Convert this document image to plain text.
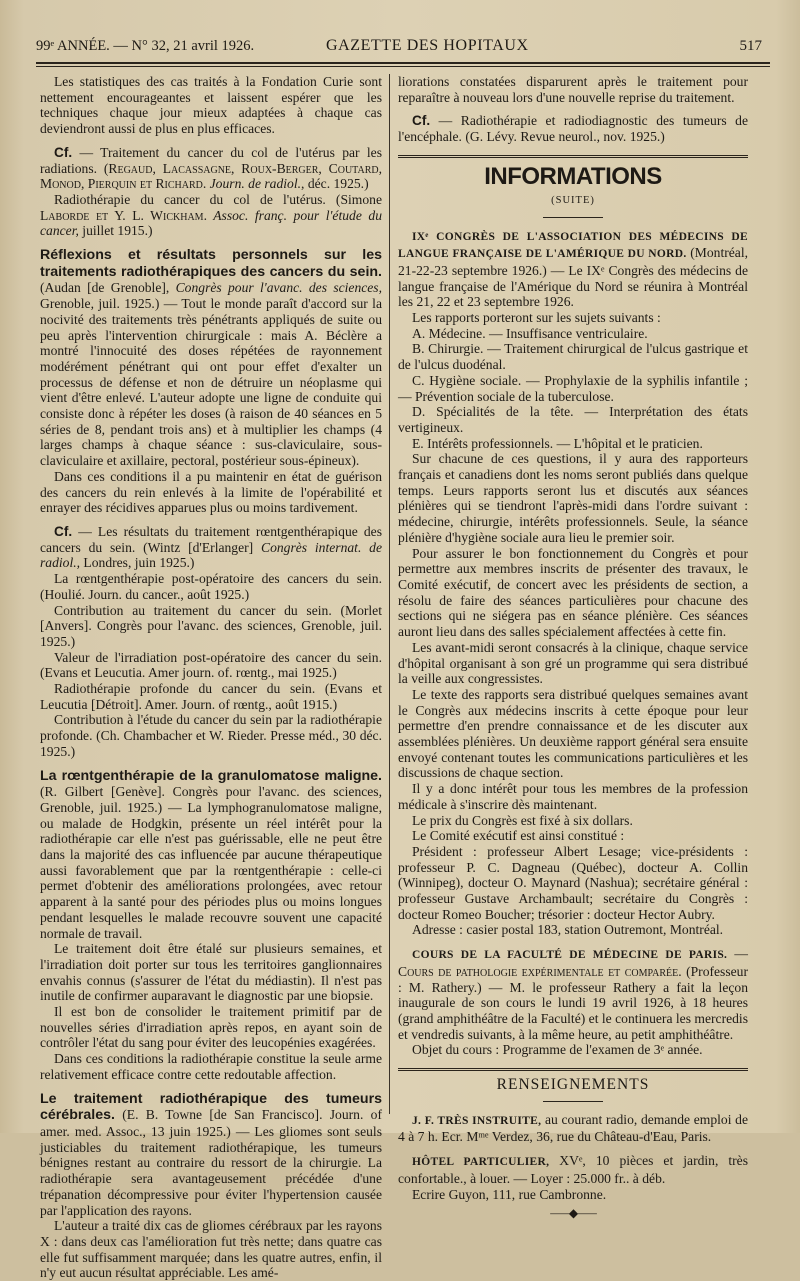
99ᵉ ANNÉE. — N° 32, 21 avril 1926.	GAZETTE DES HOPITAUX	517

Les statistiques des cas traités à la Fondation Curie sont nettement encourageantes et laissent espérer que les techniques chaque jour mieux adaptées à chaque cas deviendront aussi de plus en plus efficaces.

Cf. — Traitement du cancer du col de l'utérus par les radiations. (Regaud, Lacassagne, Roux-Berger, Coutard, Monod, Pierquin et Richard. Journ. de radiol., déc. 1925.)

Radiothérapie du cancer du col de l'utérus. (Simone Laborde et Y. L. Wickham. Assoc. franç. pour l'étude du cancer, juillet 1915.)

Réflexions et résultats personnels sur les traitements radiothérapiques des cancers du sein. (Audan [de Grenoble], Congrès pour l'avanc. des sciences, Grenoble, juil. 1925.) — Tout le monde paraît d'accord sur la nocivité des traitements très pénétrants appliqués de suite ou peu après l'intervention chirurgicale : mais A. Béclère a montré l'innocuité des doses répétées de rayonnement modérément pénétrant qui ont pour effet d'exalter un processus de défense et non de détruire un néoplasme qui vient d'être enlevé. L'auteur adopte une ligne de conduite qui consiste donc à répéter les doses (à raison de 40 séances en 5 séries de 8, pendant trois ans) et à multiplier les champs (4 larges champs à chaque séance : sus-claviculaire, sous-claviculaire et axillaire, pectoral, postérieur sous-épineux).

Dans ces conditions il a pu maintenir en état de guérison des cancers du rein enlevés à la limite de l'opérabilité et enrayer des récidives apparues plus ou moins tardivement.

Cf. — Les résultats du traitement rœntgenthérapique des cancers du sein. (Wintz [d'Erlanger] Congrès internat. de radiol., Londres, juin 1925.)

La rœntgenthérapie post-opératoire des cancers du sein. (Houlié. Journ. du cancer., août 1925.)

Contribution au traitement du cancer du sein. (Morlet [Anvers]. Congrès pour l'avanc. des sciences, Grenoble, juil. 1925.)

Valeur de l'irradiation post-opératoire des cancer du sein. (Evans et Leucutia. Amer journ. of. rœntg., mai 1925.)

Radiothérapie profonde du cancer du sein. (Evans et Leucutia [Détroit]. Amer. Journ. of rœntg., août 1915.)

Contribution à l'étude du cancer du sein par la radiothérapie profonde. (Ch. Chambacher et W. Rieder. Presse méd., 30 déc. 1925.)

La rœntgenthérapie de la granulomatose maligne. (R. Gilbert [Genève]. Congrès pour l'avanc. des sciences, Grenoble, juil. 1925.) — La lymphogranulomatose maligne, ou malade de Hodgkin, présente un réel intérêt pour la radiothérapie car elle n'est pas guérissable, elle ne peut être dans la majorité des cas influencée par aucune thérapeutique aussi favorablement que par la rœntgenthérapie : celle-ci permet d'obtenir des améliorations prolongées, avec retour apparent à la santé pour des périodes plus ou moins longues pendant lesquelles le malade recouvre souvent une capacité normale de travail.

Le traitement doit être étalé sur plusieurs semaines, et l'irradiation doit porter sur tous les territoires ganglionnaires envahis connus (s'assurer de l'état du médiastin). Il n'est pas inutile de confirmer auparavant le diagnostic par une biopsie.

Il est bon de consolider le traitement primitif par de nouvelles séries d'irradiation après repos, en ayant soin de contrôler l'état du sang pour éviter des leucopénies exagérées.

Dans ces conditions la radiothérapie constitue la seule arme relativement efficace contre cette redoutable affection.

Le traitement radiothérapique des tumeurs cérébrales. (E. B. Towne [de San Francisco]. Journ. of amer. med. Assoc., 13 juin 1925.) — Les gliomes sont seuls justiciables du traitement radiothérapique, les tumeurs bénignes restant au contraire du ressort de la chirurgie. La radiothérapie sera avantageusement précédée d'une trépanation décompressive pour éviter l'hypertension causée par l'application des rayons.

L'auteur a traité dix cas de gliomes cérébraux par les rayons X : dans deux cas l'amélioration fut très nette; dans quatre cas elle fut suffisamment marquée; dans les quatre autres, enfin, il n'y eut aucun résultat appréciable. Les amé-

liorations constatées disparurent après le traitement pour reparaître à nouveau lors d'une nouvelle reprise du traitement.

Cf. — Radiothérapie et radiodiagnostic des tumeurs de l'encéphale. (G. Lévy. Revue neurol., nov. 1925.)

INFORMATIONS
(SUITE)

IXᵉ CONGRÈS DE L'ASSOCIATION DES MÉDECINS DE LANGUE FRANÇAISE DE L'AMÉRIQUE DU NORD. (Montréal, 21-22-23 septembre 1926.) — Le IXᵉ Congrès des médecins de langue française de l'Amérique du Nord se réunira à Montréal les 21, 22 et 23 septembre 1926.

Les rapports porteront sur les sujets suivants :

A. Médecine. — Insuffisance ventriculaire.

B. Chirurgie. — Traitement chirurgical de l'ulcus gastrique et de l'ulcus duodénal.

C. Hygiène sociale. — Prophylaxie de la syphilis infantile ; — Prévention sociale de la tuberculose.

D. Spécialités de la tête. — Interprétation des états vertigineux.

E. Intérêts professionnels. — L'hôpital et le praticien.

Sur chacune de ces questions, il y aura des rapporteurs français et canadiens dont les noms seront publiés dans quelque temps. Leurs rapports seront lus et discutés aux séances plénières qui se tiendront l'après-midi dans l'ordre suivant : médecine, chirurgie, intérêts professionnels. Seule, la séance plénière d'hygiène sociale aura lieu le premier soir.

Pour assurer le bon fonctionnement du Congrès et pour permettre aux membres inscrits de présenter des travaux, le Comité exécutif, de concert avec les présidents de section, a résolu de faire des séances particulières pour chacune des sections qui ne siégera pas en séance plénière. Ces séances auront lieu dans des salles spécialement affectées à cette fin.

Les avant-midi seront consacrés à la clinique, chaque service d'hôpital organisant à son gré un programme qui sera distribué la veille aux congressistes.

Le texte des rapports sera distribué quelques semaines avant le Congrès aux médecins inscrits à cette époque pour leur permettre d'en prendre connaissance et de les discuter aux assemblées plénières. Un deuxième rapport général sera ensuite envoyé contenant toutes les communications particulières et les discussions de chaque section.

Il y a donc intérêt pour tous les membres de la profession médicale à s'inscrire dès maintenant.

Le prix du Congrès est fixé à six dollars.

Le Comité exécutif est ainsi constitué :

Président : professeur Albert Lesage; vice-présidents : professeur P. C. Dagneau (Québec), docteur A. Collin (Winnipeg), docteur O. Maynard (Nashua); secrétaire général : professeur Gustave Archambault; secrétaire du Congrès : docteur Romeo Boucher; trésorier : docteur Hector Aubry.

Adresse : casier postal 183, station Outremont, Montréal.

COURS DE LA FACULTÉ DE MÉDECINE DE PARIS. — Cours de pathologie expérimentale et comparée. (Professeur : M. Rathery.) — M. le professeur Rathery a fait la leçon inaugurale de son cours le lundi 19 avril 1926, à 18 heures (grand amphithéâtre de la Faculté) et le continuera les mercredis et vendredis suivants, à la même heure, au petit amphithéâtre.

Objet du cours : Programme de l'examen de 3ᵉ année.

RENSEIGNEMENTS

J. F. TRÈS INSTRUITE, au courant radio, demande emploi de 4 à 7 h. Ecr. Mᵐᵉ Verdez, 36, rue du Château-d'Eau, Paris.

HÔTEL PARTICULIER, XVᵉ, 10 pièces et jardin, très confortable., à louer. — Loyer : 25.000 fr.. à déb.

Ecrire Guyon, 111, rue Cambronne.

⸺◆⸺
